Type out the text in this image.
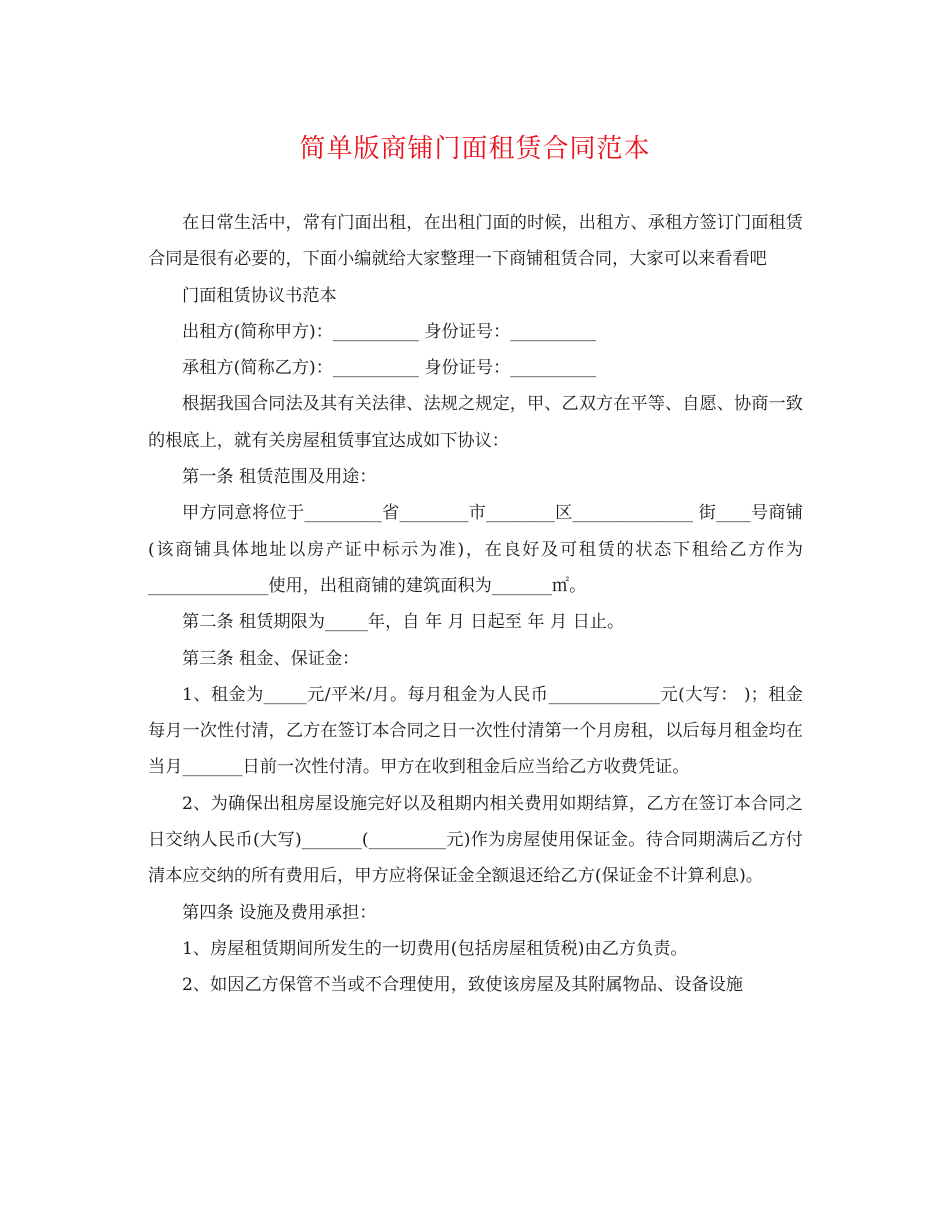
简单版商铺门面租赁合同范本

在日常生活中，常有门面出租，在出租门面的时候，出租方、承租方签订门面租赁合同是很有必要的，下面小编就给大家整理一下商铺租赁合同，大家可以来看看吧

门面租赁协议书范本

出租方(简称甲方)：__________ 身份证号：__________

承租方(简称乙方)：__________ 身份证号：__________

根据我国合同法及其有关法律、法规之规定，甲、乙双方在平等、自愿、协商一致的根底上，就有关房屋租赁事宜达成如下协议：

第一条 租赁范围及用途：

甲方同意将位于_________省________市________区______________ 街____号商铺(该商铺具体地址以房产证中标示为准)，在良好及可租赁的状态下租给乙方作为______________使用，出租商铺的建筑面积为_______㎡。

第二条 租赁期限为_____年，自 年 月 日起至 年 月 日止。

第三条 租金、保证金：

1、租金为_____元/平米/月。每月租金为人民币_____________元(大写： )；租金每月一次性付清，乙方在签订本合同之日一次性付清第一个月房租，以后每月租金均在当月_______日前一次性付清。甲方在收到租金后应当给乙方收费凭证。

2、为确保出租房屋设施完好以及租期内相关费用如期结算，乙方在签订本合同之日交纳人民币(大写)_______(_________元)作为房屋使用保证金。待合同期满后乙方付清本应交纳的所有费用后，甲方应将保证金全额退还给乙方(保证金不计算利息)。

第四条 设施及费用承担：

1、房屋租赁期间所发生的一切费用(包括房屋租赁税)由乙方负责。

2、如因乙方保管不当或不合理使用，致使该房屋及其附属物品、设备设施
